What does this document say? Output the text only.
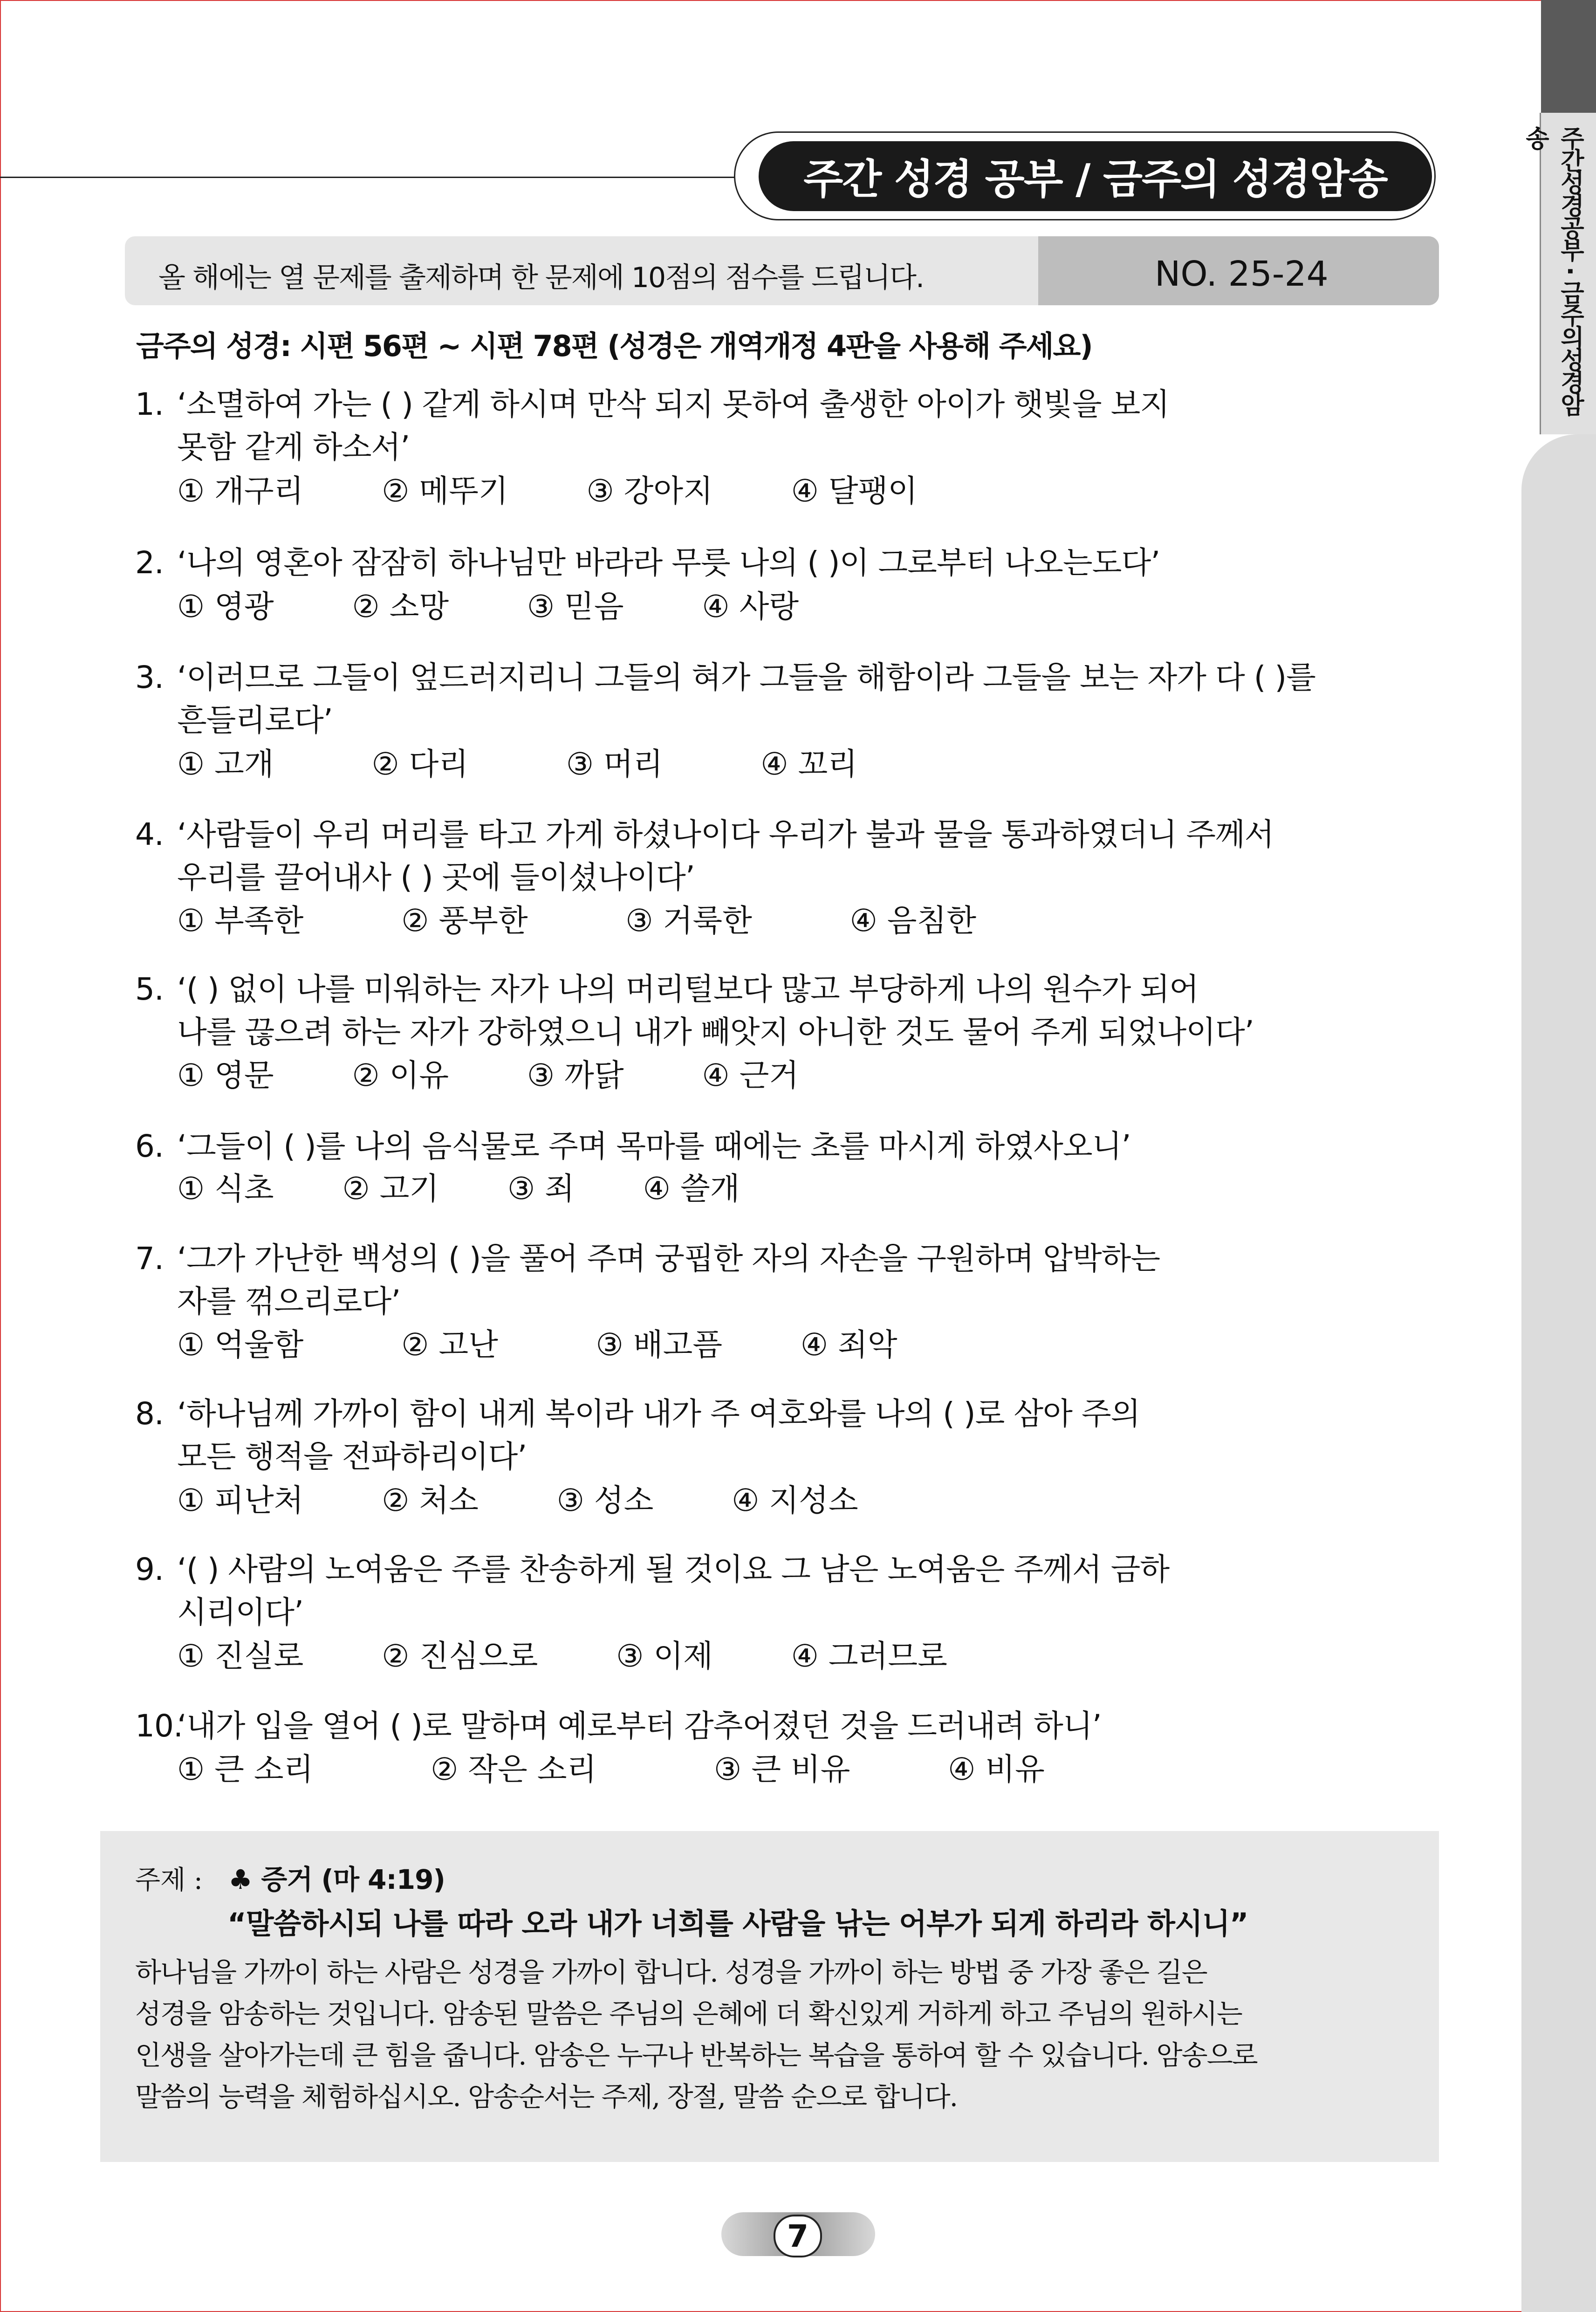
주간성경공부 · 금주의성경암송
주간 성경 공부 / 금주의 성경암송
올 해에는 열 문제를 출제하며 한 문제에 10점의 점수를 드립니다.	NO. 25-24
금주의 성경: 시편 56편 ~ 시편 78편 (성경은 개역개정 4판을 사용해 주세요)
1. ‘소멸하여 가는 ( ) 같게 하시며 만삭 되지 못하여 출생한 아이가 햇빛을 보지
못함 같게 하소서’
① 개구리        ② 메뚜기        ③ 강아지        ④ 달팽이
2. ‘나의 영혼아 잠잠히 하나님만 바라라 무릇 나의 ( )이 그로부터 나오는도다’
① 영광        ② 소망        ③ 믿음        ④ 사랑
3. ‘이러므로 그들이 엎드러지리니 그들의 혀가 그들을 해함이라 그들을 보는 자가 다 ( )를
흔들리로다’
① 고개          ② 다리          ③ 머리          ④ 꼬리
4. ‘사람들이 우리 머리를 타고 가게 하셨나이다 우리가 불과 물을 통과하였더니 주께서
우리를 끌어내사 ( ) 곳에 들이셨나이다’
① 부족한          ② 풍부한          ③ 거룩한          ④ 음침한
5. ‘( ) 없이 나를 미워하는 자가 나의 머리털보다 많고 부당하게 나의 원수가 되어
나를 끊으려 하는 자가 강하였으니 내가 빼앗지 아니한 것도 물어 주게 되었나이다’
① 영문        ② 이유        ③ 까닭        ④ 근거
6. ‘그들이 ( )를 나의 음식물로 주며 목마를 때에는 초를 마시게 하였사오니’
① 식초       ② 고기       ③ 죄       ④ 쓸개
7. ‘그가 가난한 백성의 ( )을 풀어 주며 궁핍한 자의 자손을 구원하며 압박하는
자를 꺾으리로다’
① 억울함          ② 고난          ③ 배고픔        ④ 죄악
8. ‘하나님께 가까이 함이 내게 복이라 내가 주 여호와를 나의 ( )로 삼아 주의
모든 행적을 전파하리이다’
① 피난처        ② 처소        ③ 성소        ④ 지성소
9. ‘( ) 사람의 노여움은 주를 찬송하게 될 것이요 그 남은 노여움은 주께서 금하
시리이다’
① 진실로        ② 진심으로        ③ 이제        ④ 그러므로
10.‘내가 입을 열어 ( )로 말하며 예로부터 감추어졌던 것을 드러내려 하니’
① 큰 소리            ② 작은 소리            ③ 큰 비유          ④ 비유
주제 : ♣ 증거 (마 4:19)
“말씀하시되 나를 따라 오라 내가 너희를 사람을 낚는 어부가 되게 하리라 하시니”
하나님을 가까이 하는 사람은 성경을 가까이 합니다. 성경을 가까이 하는 방법 중 가장 좋은 길은
성경을 암송하는 것입니다. 암송된 말씀은 주님의 은혜에 더 확신있게 거하게 하고 주님의 원하시는
인생을 살아가는데 큰 힘을 줍니다. 암송은 누구나 반복하는 복습을 통하여 할 수 있습니다. 암송으로
말씀의 능력을 체험하십시오. 암송순서는 주제, 장절, 말씀 순으로 합니다.
7
